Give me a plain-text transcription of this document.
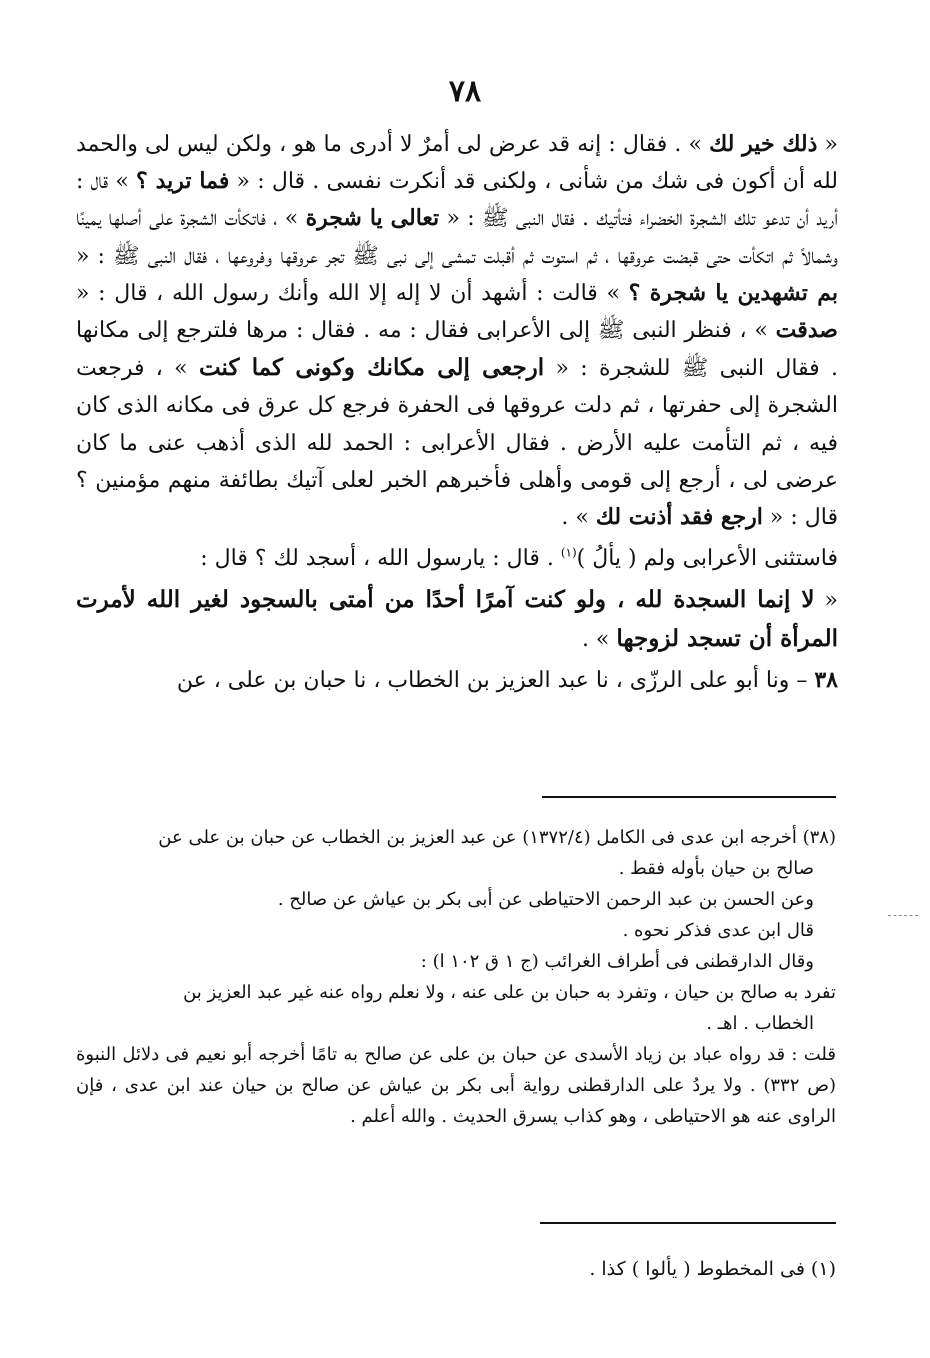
٧٨

« ذلك خير لك » . فقال : إنه قد عرض لى أمرٌ لا أدرى ما هو ، ولكن ليس لى والحمد لله أن أكون فى شك من شأنى ، ولكنى قد أنكرت نفسى . قال : « فما تريد ؟ » قال : أريد أن تدعو تلك الشجرة الخضراء فتأتيك . فقال النبى ﷺ : « تعالى يا شجرة » ، فاتكأت الشجرة على أصلها يمينًا وشمالاً ثم اتكأت حتى قبضت عروقها ، ثم استوت ثم أقبلت تمشى إلى نبى ﷺ تجر عروقها وفروعها ، فقال النبى ﷺ : « بم تشهدين يا شجرة ؟ » قالت : أشهد أن لا إله إلا الله وأنك رسول الله ، قال : « صدقت » ، فنظر النبى ﷺ إلى الأعرابى فقال : مه . فقال : مرها فلترجع إلى مكانها . فقال النبى ﷺ للشجرة : « ارجعى إلى مكانك وكونى كما كنت » ، فرجعت الشجرة إلى حفرتها ، ثم دلت عروقها فى الحفرة فرجع كل عرق فى مكانه الذى كان فيه ، ثم التأمت عليه الأرض . فقال الأعرابى : الحمد لله الذى أذهب عنى ما كان عرضى لى ، أرجع إلى قومى وأهلى فأخبرهم الخبر لعلى آتيك بطائفة منهم مؤمنين ؟ قال : « ارجع فقد أذنت لك » .

فاستثنى الأعرابى ولم ( يألُ )$^{(١)}$ . قال : يارسول الله ، أسجد لك ؟ قال :

« لا إنما السجدة لله ، ولو كنت آمرًا أحدًا من أمتى بالسجود لغير الله لأمرت المرأة أن تسجد لزوجها » .

٣٨ – ونا أبو على الرزّى ، نا عبد العزيز بن الخطاب ، نا حبان بن على ، عن

(٣٨) أخرجه ابن عدى فى الكامل (١٣٧٢/٤) عن عبد العزيز بن الخطاب عن حبان بن على عن

صالح بن حيان بأوله فقط .

وعن الحسن بن عبد الرحمن الاحتياطى عن أبى بكر بن عياش عن صالح .

قال ابن عدى فذكر نحوه .

وقال الدارقطنى فى أطراف الغرائب (ج ١ ق ١٠٢ ا) :

تفرد به صالح بن حيان ، وتفرد به حبان بن على عنه ، ولا نعلم رواه عنه غير عبد العزيز بن

الخطاب . اهـ .

قلت : قد رواه عباد بن زياد الأسدى عن حبان بن على عن صالح به تامًا أخرجه أبو نعيم فى دلائل النبوة (ص ٣٣٢) . ولا يردُ على الدارقطنى رواية أبى بكر بن عياش عن صالح بن حيان عند ابن عدى ، فإن الراوى عنه هو الاحتياطى ، وهو كذاب يسرق الحديث . والله أعلم .

(١) فى المخطوط ( يألوا ) كذا .
